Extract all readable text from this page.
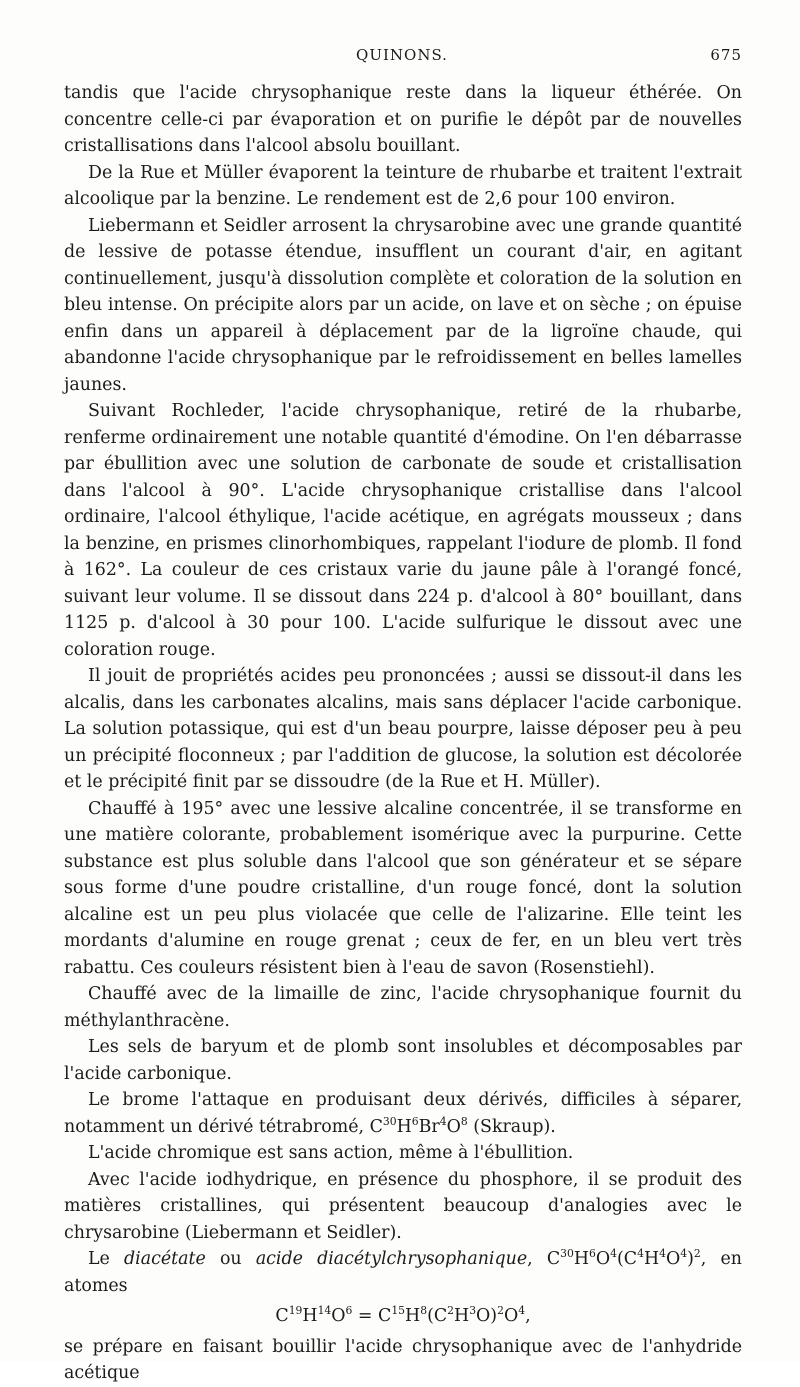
QUINONS.	675

tandis que l'acide chrysophanique reste dans la liqueur éthérée. On concentre celle-ci par évaporation et on purifie le dépôt par de nouvelles cristallisations dans l'alcool absolu bouillant.

De la Rue et Müller évaporent la teinture de rhubarbe et traitent l'extrait alcoolique par la benzine. Le rendement est de 2,6 pour 100 environ.

Liebermann et Seidler arrosent la chrysarobine avec une grande quantité de lessive de potasse étendue, insufflent un courant d'air, en agitant continuellement, jusqu'à dissolution complète et coloration de la solution en bleu intense. On précipite alors par un acide, on lave et on sèche ; on épuise enfin dans un appareil à déplacement par de la ligroïne chaude, qui abandonne l'acide chrysophanique par le refroidissement en belles lamelles jaunes.

Suivant Rochleder, l'acide chrysophanique, retiré de la rhubarbe, renferme ordinairement une notable quantité d'émodine. On l'en débarrasse par ébullition avec une solution de carbonate de soude et cristallisation dans l'alcool à 90°. L'acide chrysophanique cristallise dans l'alcool ordinaire, l'alcool éthylique, l'acide acétique, en agrégats mousseux ; dans la benzine, en prismes clinorhombiques, rappelant l'iodure de plomb. Il fond à 162°. La couleur de ces cristaux varie du jaune pâle à l'orangé foncé, suivant leur volume. Il se dissout dans 224 p. d'alcool à 80° bouillant, dans 1125 p. d'alcool à 30 pour 100. L'acide sulfurique le dissout avec une coloration rouge.

Il jouit de propriétés acides peu prononcées ; aussi se dissout-il dans les alcalis, dans les carbonates alcalins, mais sans déplacer l'acide carbonique. La solution potassique, qui est d'un beau pourpre, laisse déposer peu à peu un précipité floconneux ; par l'addition de glucose, la solution est décolorée et le précipité finit par se dissoudre (de la Rue et H. Müller).

Chauffé à 195° avec une lessive alcaline concentrée, il se transforme en une matière colorante, probablement isomérique avec la purpurine. Cette substance est plus soluble dans l'alcool que son générateur et se sépare sous forme d'une poudre cristalline, d'un rouge foncé, dont la solution alcaline est un peu plus violacée que celle de l'alizarine. Elle teint les mordants d'alumine en rouge grenat ; ceux de fer, en un bleu vert très rabattu. Ces couleurs résistent bien à l'eau de savon (Rosenstiehl).

Chauffé avec de la limaille de zinc, l'acide chrysophanique fournit du méthylanthracène.

Les sels de baryum et de plomb sont insolubles et décomposables par l'acide carbonique.

Le brome l'attaque en produisant deux dérivés, difficiles à séparer, notamment un dérivé tétrabromé, $C^{30}H^6Br^4O^8$ (Skraup).

L'acide chromique est sans action, même à l'ébullition.

Avec l'acide iodhydrique, en présence du phosphore, il se produit des matières cristallines, qui présentent beaucoup d'analogies avec le chrysarobine (Liebermann et Seidler).

Le diacétate ou acide diacétylchrysophanique, $C^{30}H^6O^4(C^4H^4O^4)^2$, en atomes

$C^{19}H^{14}O^6 = C^{15}H^8(C^2H^3O)^2O^4$,

se prépare en faisant bouillir l'acide chrysophanique avec de l'anhydride acétique
